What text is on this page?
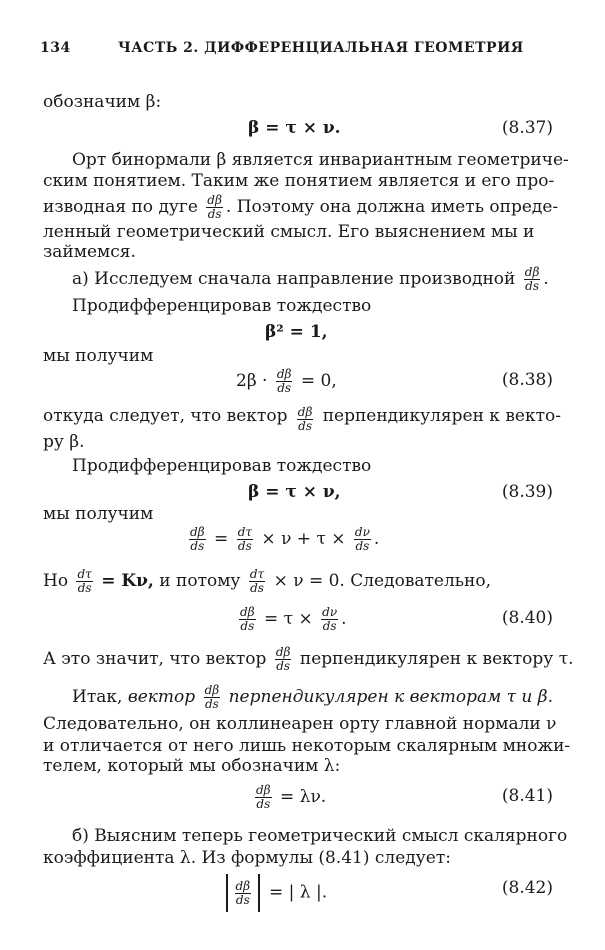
134	ЧАСТЬ 2. ДИФФЕРЕНЦИАЛЬНАЯ ГЕОМЕТРИЯ
обозначим β:
β = τ × ν.	(8.37)
Орт бинормали β является инвариантным геометриче-
ским понятием. Таким же понятием является и его про-
изводная по дуге $\frac{d\beta}{ds}$ . Поэтому она должна иметь опреде-
ленный геометрический смысл. Его выяснением мы и
займемся.
а) Исследуем сначала направление производной $\frac{d\beta}{ds}$ .
Продифференцировав тождество
β² = 1,
мы получим
$2\beta \cdot \frac{d\beta}{ds} = 0$,	(8.38)
откуда следует, что вектор $\frac{d\beta}{ds}$ перпендикулярен к векто-
ру β.
Продифференцировав тождество
β = τ × ν,	(8.39)
мы получим
$\frac{d\beta}{ds} = \frac{d\tau}{ds} \times \nu + \tau \times \frac{d\nu}{ds}$ .
Но $\frac{d\tau}{ds} = K\nu$, и потому $\frac{d\tau}{ds} \times \nu = 0$. Следовательно,
$\frac{d\beta}{ds} = \tau \times \frac{d\nu}{ds}$ .	(8.40)
А это значит, что вектор $\frac{d\beta}{ds}$ перпендикулярен к вектору τ.
Итак, вектор $\frac{d\beta}{ds}$ перпендикулярен к векторам τ и β.
Следовательно, он коллинеарен орту главной нормали ν
и отличается от него лишь некоторым скалярным множи-
телем, который мы обозначим λ:
$\frac{d\beta}{ds} = \lambda\nu$.	(8.41)
б) Выясним теперь геометрический смысл скалярного
коэффициента λ. Из формулы (8.41) следует:
$\frac{d\beta}{ds}$ = | λ |.	(8.42)
